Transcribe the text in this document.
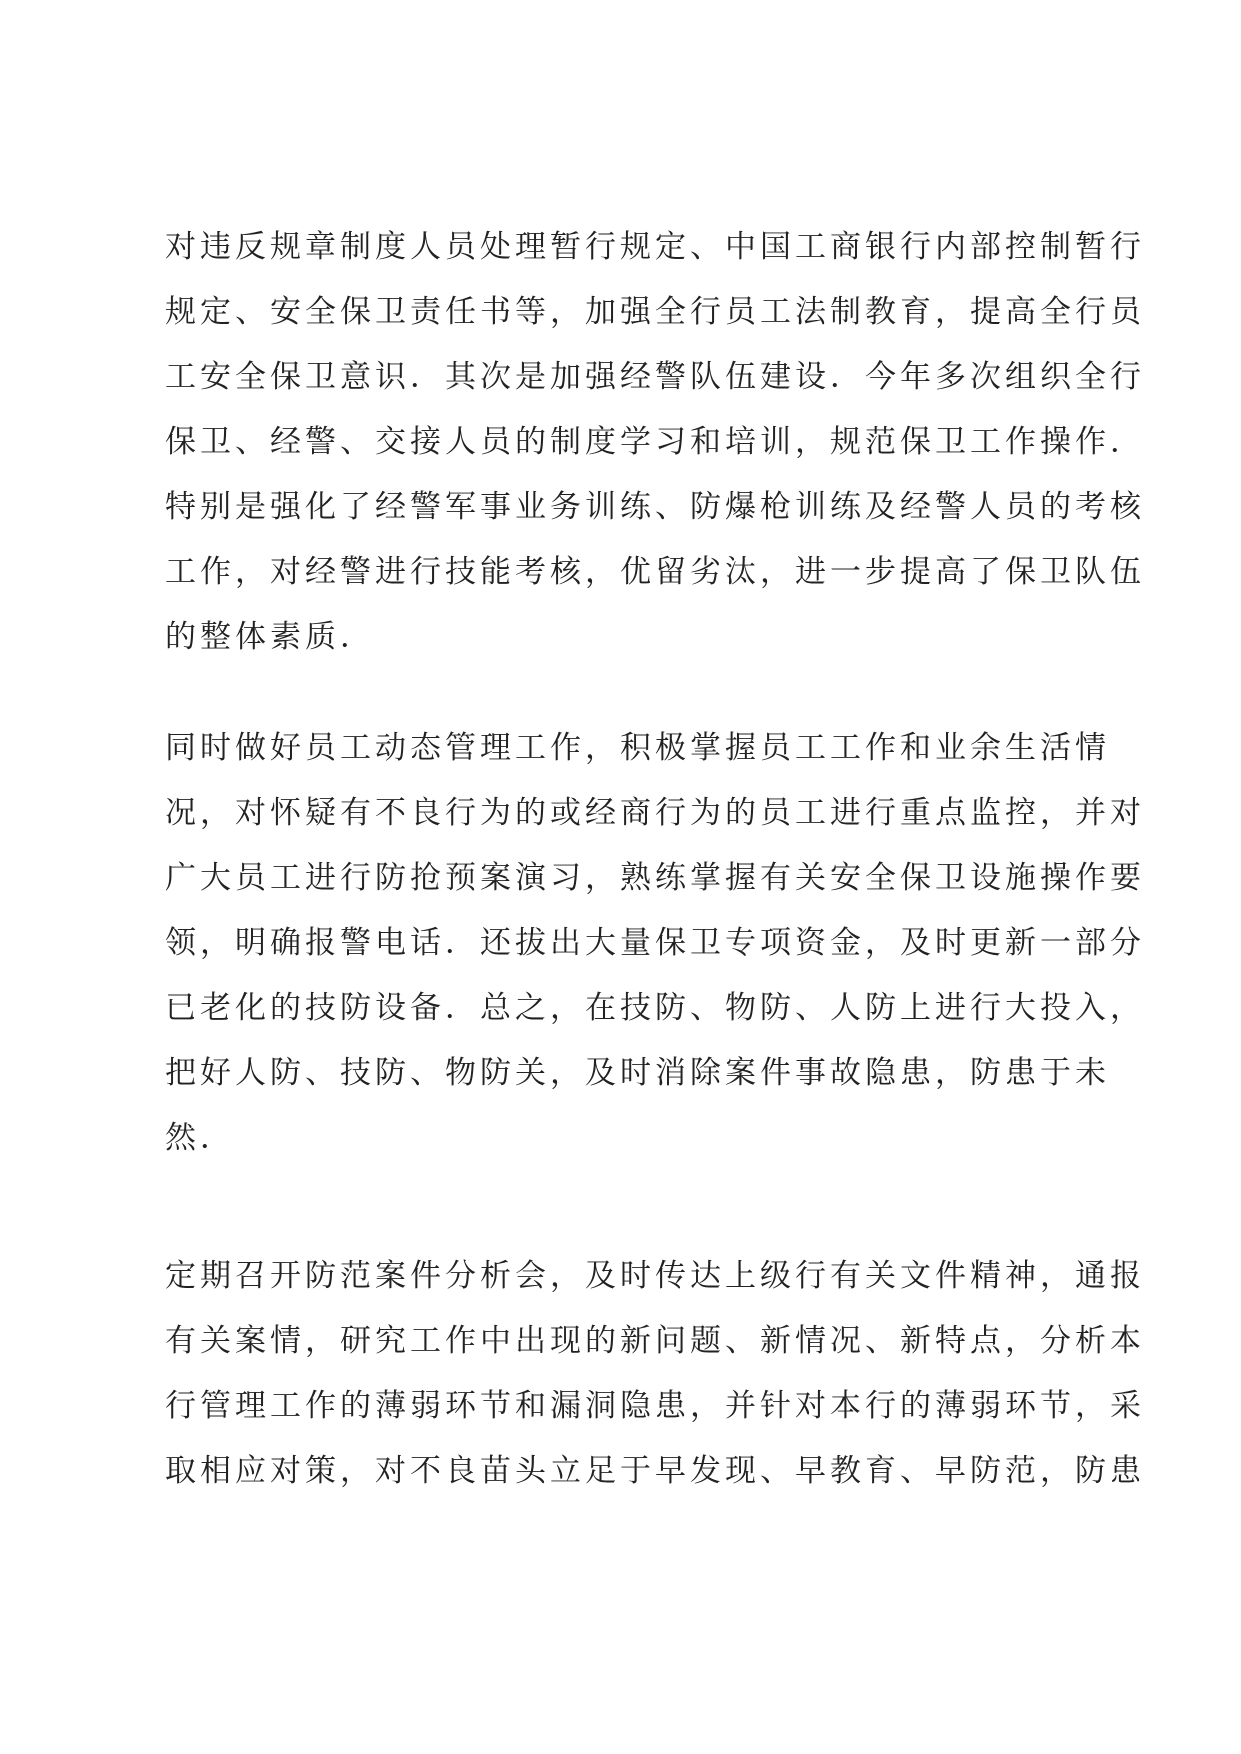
对违反规章制度人员处理暂行规定、中国工商银行内部控制暂行
规定、安全保卫责任书等，加强全行员工法制教育，提高全行员
工安全保卫意识．其次是加强经警队伍建设．今年多次组织全行
保卫、经警、交接人员的制度学习和培训，规范保卫工作操作．
特别是强化了经警军事业务训练、防爆枪训练及经警人员的考核
工作，对经警进行技能考核，优留劣汰，进一步提高了保卫队伍
的整体素质．
同时做好员工动态管理工作，积极掌握员工工作和业余生活情
况，对怀疑有不良行为的或经商行为的员工进行重点监控，并对
广大员工进行防抢预案演习，熟练掌握有关安全保卫设施操作要
领，明确报警电话．还拔出大量保卫专项资金，及时更新一部分
已老化的技防设备．总之，在技防、物防、人防上进行大投入，
把好人防、技防、物防关，及时消除案件事故隐患，防患于未
然．
定期召开防范案件分析会，及时传达上级行有关文件精神，通报
有关案情，研究工作中出现的新问题、新情况、新特点，分析本
行管理工作的薄弱环节和漏洞隐患，并针对本行的薄弱环节，采
取相应对策，对不良苗头立足于早发现、早教育、早防范，防患
